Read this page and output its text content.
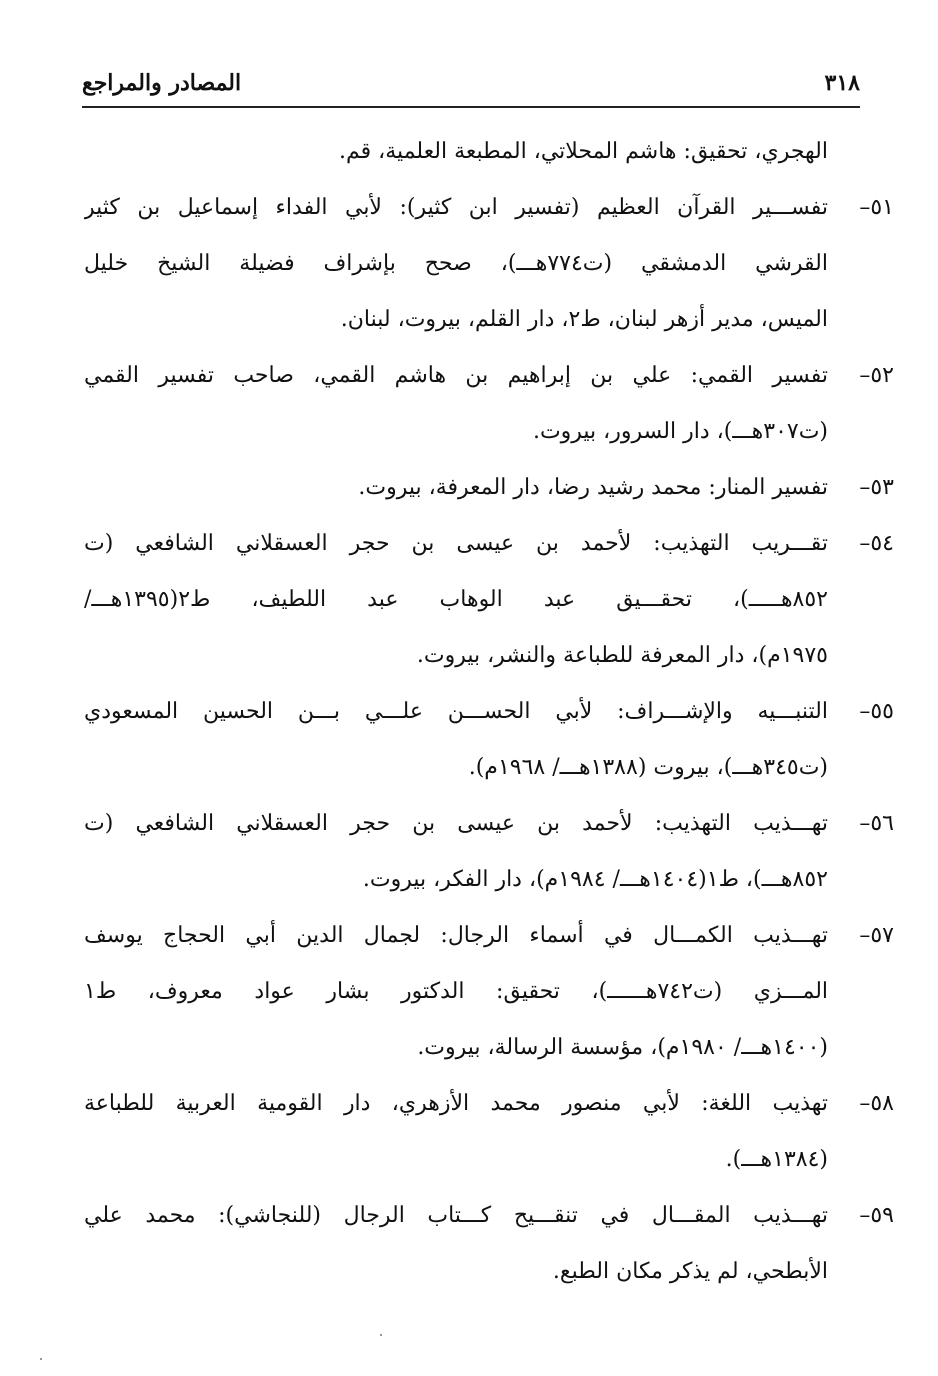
المصادر والمراجع	٣١٨
الهجري، تحقيق: هاشم المحلاتي، المطبعة العلمية، قم.
٥١–
تفســـير القرآن العظيم (تفسير ابن كثير): لأبي الفداء إسماعيل بن كثير
القرشي الدمشقي (ت٧٧٤هـــ)، صحح بإشراف فضيلة الشيخ خليل
الميس، مدير أزهر لبنان، ط٢، دار القلم، بيروت، لبنان.
٥٢–
تفسير القمي: علي بن إبراهيم بن هاشم القمي، صاحب تفسير القمي
(ت٣٠٧هـــ)، دار السرور، بيروت.
٥٣–
تفسير المنار: محمد رشيد رضا، دار المعرفة، بيروت.
٥٤–
تقـــريب التهذيب: لأحمد بن عيسى بن حجر العسقلاني الشافعي (ت
٨٥٢هـــــ)، تحقـــيق عبد الوهاب عبد اللطيف، ط٢(١٣٩٥هـــ/
١٩٧٥م)، دار المعرفة للطباعة والنشر، بيروت.
٥٥–
التنبـــيه والإشـــراف: لأبي الحســـن علـــي بـــن الحسين المسعودي
(ت٣٤٥هـــ)، بيروت (١٣٨٨هـــ/ ١٩٦٨م).
٥٦–
تهـــذيب التهذيب: لأحمد بن عيسى بن حجر العسقلاني الشافعي (ت
٨٥٢هـــ)، ط١(١٤٠٤هـــ/ ١٩٨٤م)، دار الفكر، بيروت.
٥٧–
تهـــذيب الكمـــال في أسماء الرجال: لجمال الدين أبي الحجاج يوسف
المـــزي (ت٧٤٢هــــــ)، تحقيق: الدكتور بشار عواد معروف، ط١
(١٤٠٠هـــ/ ١٩٨٠م)، مؤسسة الرسالة، بيروت.
٥٨–
تهذيب اللغة: لأبي منصور محمد الأزهري، دار القومية العربية للطباعة
(١٣٨٤هـــ).
٥٩–
تهـــذيب المقـــال في تنقـــيح كـــتاب الرجال (للنجاشي): محمد علي
الأبطحي، لم يذكر مكان الطبع.
